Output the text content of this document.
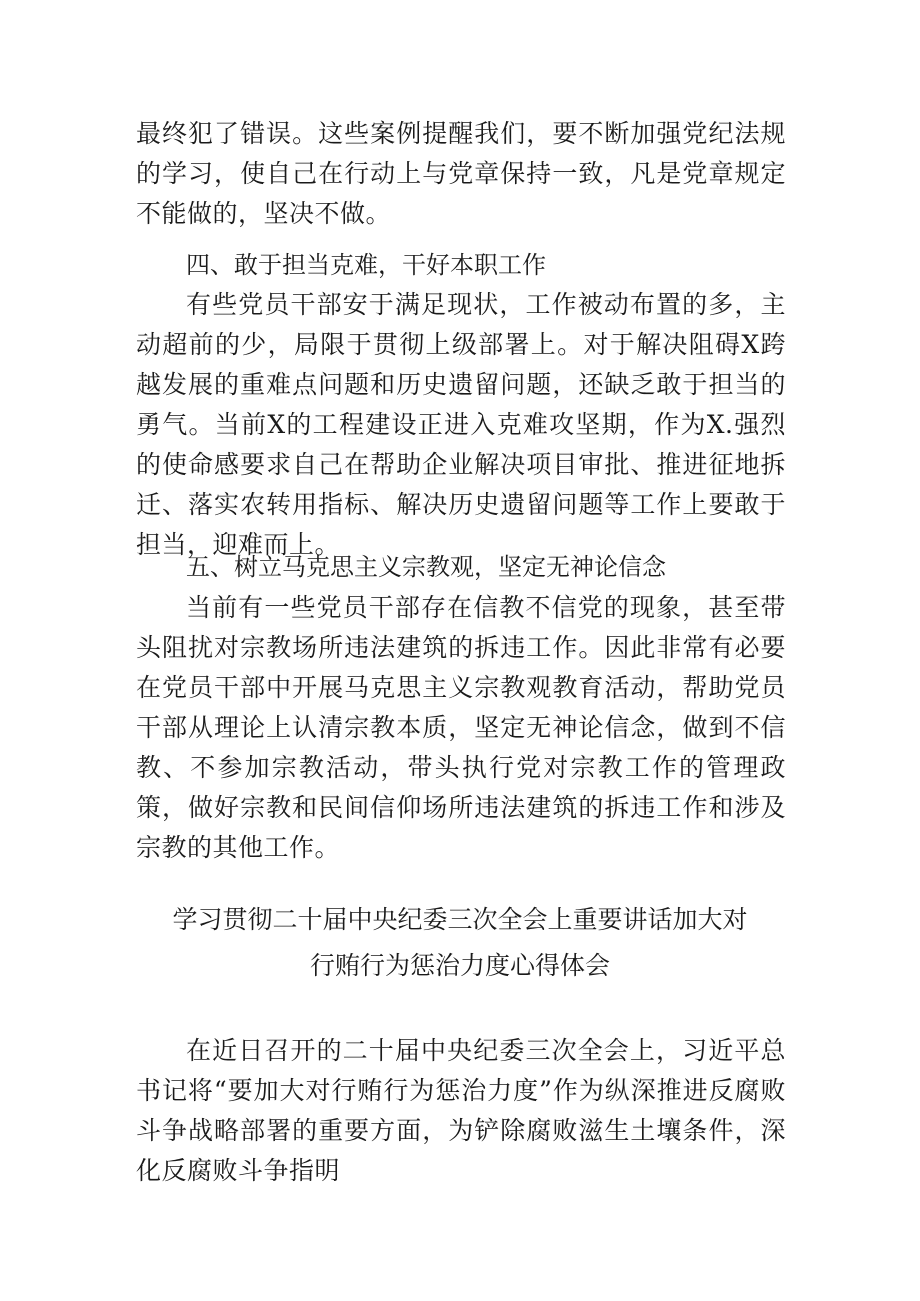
最终犯了错误。这些案例提醒我们，要不断加强党纪法规的学习，使自己在行动上与党章保持一致，凡是党章规定不能做的，坚决不做。

四、敢于担当克难，干好本职工作

有些党员干部安于满足现状，工作被动布置的多，主动超前的少，局限于贯彻上级部署上。对于解决阻碍X跨越发展的重难点问题和历史遗留问题，还缺乏敢于担当的勇气。当前X的工程建设正进入克难攻坚期，作为X.强烈的使命感要求自己在帮助企业解决项目审批、推进征地拆迁、落实农转用指标、解决历史遗留问题等工作上要敢于担当，迎难而上。

五、树立马克思主义宗教观，坚定无神论信念

当前有一些党员干部存在信教不信党的现象，甚至带头阻扰对宗教场所违法建筑的拆违工作。因此非常有必要在党员干部中开展马克思主义宗教观教育活动，帮助党员干部从理论上认清宗教本质，坚定无神论信念，做到不信教、不参加宗教活动，带头执行党对宗教工作的管理政策，做好宗教和民间信仰场所违法建筑的拆违工作和涉及宗教的其他工作。

学习贯彻二十届中央纪委三次全会上重要讲话加大对
行贿行为惩治力度心得体会

在近日召开的二十届中央纪委三次全会上，习近平总书记将“要加大对行贿行为惩治力度”作为纵深推进反腐败斗争战略部署的重要方面，为铲除腐败滋生土壤条件，深化反腐败斗争指明
